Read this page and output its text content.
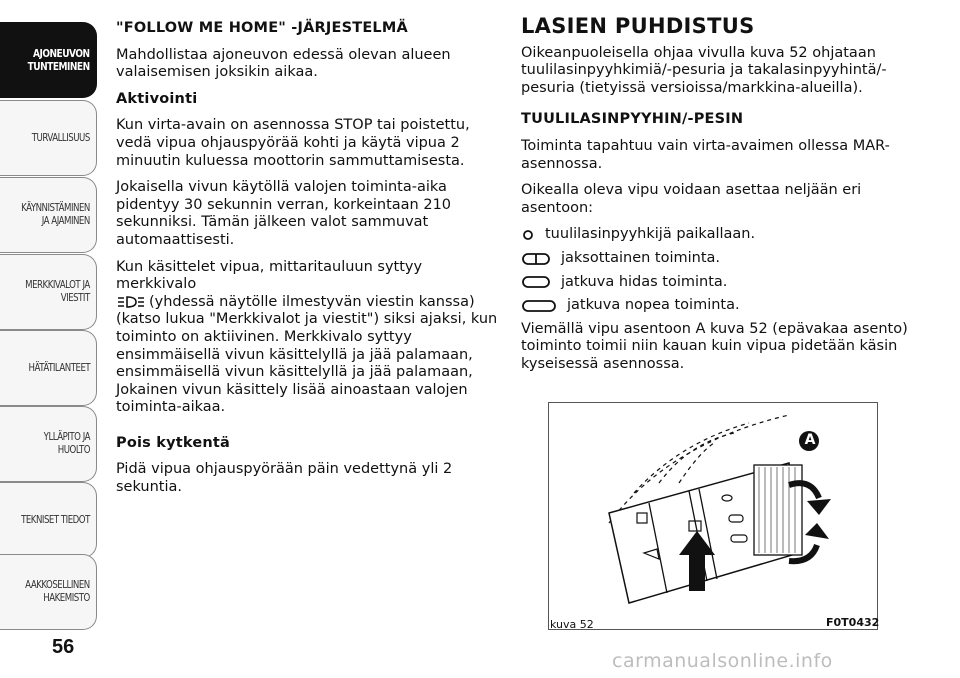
AJONEUVON
TUNTEMINEN
TURVALLISUUS
KÄYNNISTÄMINEN
JA AJAMINEN
MERKKIVALOT JA
VIESTIT
HÄTÄTILANTEET
YLLÄPITO JA HUOLTO
TEKNISET TIEDOT
AAKKOSELLINEN
HAKEMISTO
56

"FOLLOW ME HOME" -JÄRJESTELMÄ

Mahdollistaa ajoneuvon edessä olevan alueen valaisemisen joksikin aikaa.

Aktivointi

Kun virta-avain on asennossa STOP tai poistettu, vedä vipua ohjauspyörää kohti ja käytä vipua 2 minuutin kuluessa moottorin sammuttamisesta.

Jokaisella vivun käytöllä valojen toiminta-aika pidentyy 30 sekunnin verran, korkeintaan 210 sekunniksi. Tämän jälkeen valot sammuvat automaattisesti.

Kun käsittelet vipua, mittaritauluun syttyy merkkivalo
(yhdessä näytölle ilmestyvän viestin kanssa) (katso lukua "Merkkivalot ja viestit") siksi ajaksi, kun toiminto on aktiivinen. Merkkivalo syttyy ensimmäisellä vivun käsittelyllä ja jää palamaan, ensimmäisellä vivun käsittelyllä ja jää palamaan, Jokainen vivun käsittely lisää ainoastaan valojen toiminta-aikaa.

Pois kytkentä

Pidä vipua ohjauspyörään päin vedettynä yli 2 sekuntia.

LASIEN PUHDISTUS

Oikeanpuoleisella ohjaa vivulla kuva 52 ohjataan tuulilasinpyyhkimiä/-pesuria ja takalasinpyyhintä/-pesuria (tietyissä versioissa/markkina-alueilla).

TUULILASINPYYHIN/-PESIN

Toiminta tapahtuu vain virta-avaimen ollessa MAR-asennossa.

Oikealla oleva vipu voidaan asettaa neljään eri asentoon:

tuulilasinpyyhkijä paikallaan.

jaksottainen toiminta.

jatkuva hidas toiminta.

jatkuva nopea toiminta.

Viemällä vipu asentoon A kuva 52 (epävakaa asento) toiminto toimii niin kauan kuin vipua pidetään käsin kyseisessä asennossa.

A
kuva 52	F0T0432
carmanualsonline.info
